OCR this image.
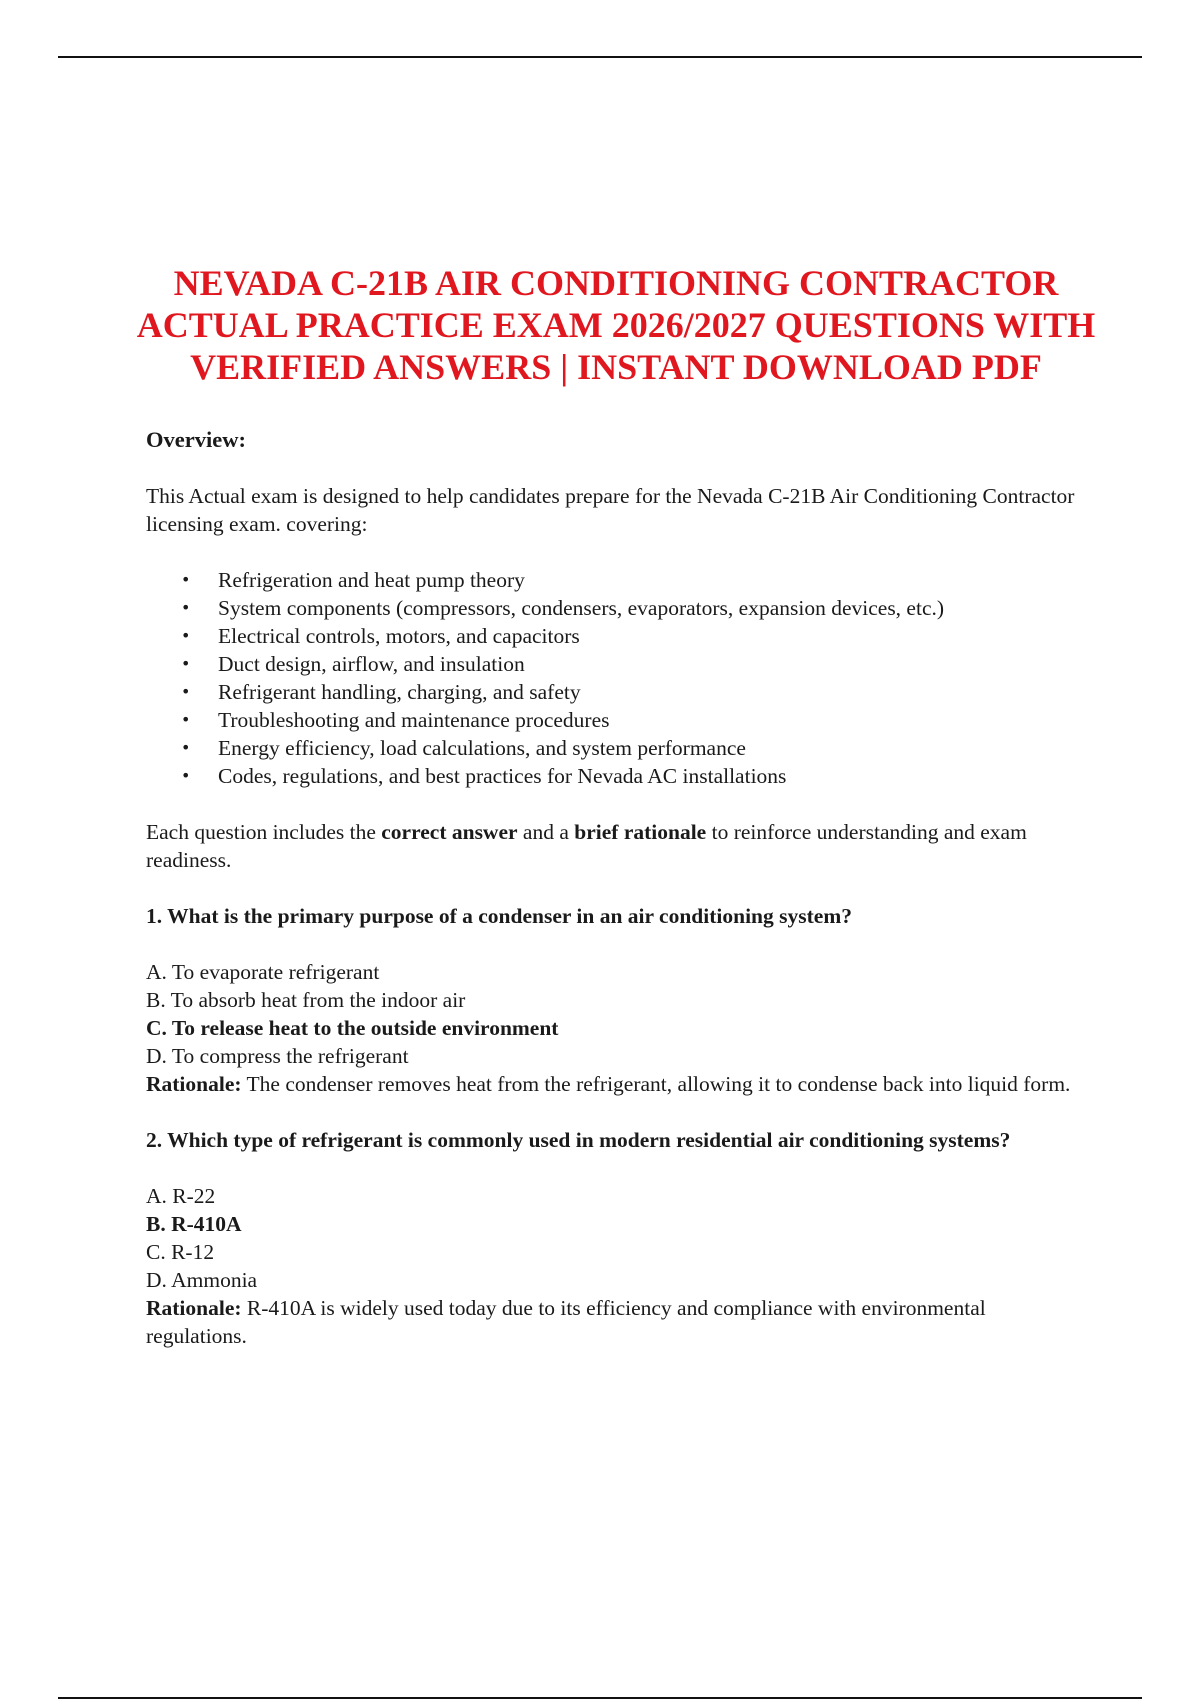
NEVADA C-21B AIR CONDITIONING CONTRACTOR ACTUAL PRACTICE EXAM 2026/2027 QUESTIONS WITH VERIFIED ANSWERS | INSTANT DOWNLOAD PDF
Overview:

This Actual exam is designed to help candidates prepare for the Nevada C-21B Air Conditioning Contractor licensing exam. covering:

• Refrigeration and heat pump theory
• System components (compressors, condensers, evaporators, expansion devices, etc.)
• Electrical controls, motors, and capacitors
• Duct design, airflow, and insulation
• Refrigerant handling, charging, and safety
• Troubleshooting and maintenance procedures
• Energy efficiency, load calculations, and system performance
• Codes, regulations, and best practices for Nevada AC installations

Each question includes the correct answer and a brief rationale to reinforce understanding and exam readiness.

1. What is the primary purpose of a condenser in an air conditioning system?
A. To evaporate refrigerant
B. To absorb heat from the indoor air
C. To release heat to the outside environment
D. To compress the refrigerant
Rationale: The condenser removes heat from the refrigerant, allowing it to condense back into liquid form.
2. Which type of refrigerant is commonly used in modern residential air conditioning systems?
A. R-22
B. R-410A
C. R-12
D. Ammonia
Rationale: R-410A is widely used today due to its efficiency and compliance with environmental regulations.
